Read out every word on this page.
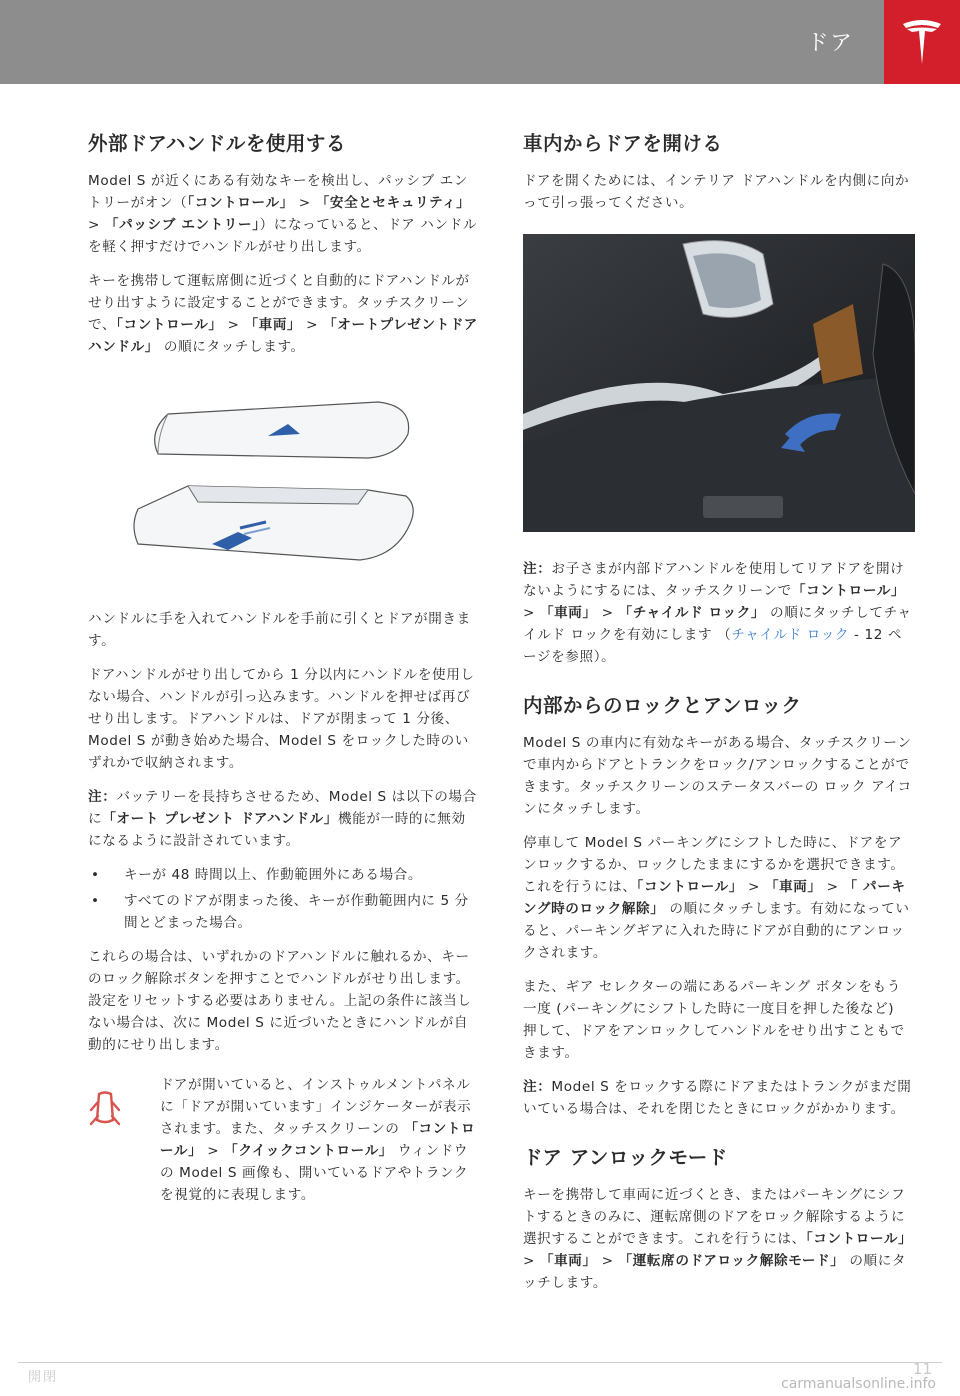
ドア
外部ドアハンドルを使用する

Model S が近くにある有効なキーを検出し、パッシブ エントリーがオン（「コントロール」 > 「安全とセキュリティ」 > 「パッシブ エントリー」）になっていると、ドア ハンドルを軽く押すだけでハンドルがせり出します。

キーを携帯して運転席側に近づくと自動的にドアハンドルがせり出すように設定することができます。タッチスクリーンで、「コントロール」 > 「車両」 > 「オートプレゼントドアハンドル」 の順にタッチします。

ハンドルに手を入れてハンドルを手前に引くとドアが開きます。

ドアハンドルがせり出してから 1 分以内にハンドルを使用しない場合、ハンドルが引っ込みます。ハンドルを押せば再びせり出します。ドアハンドルは、ドアが閉まって 1 分後、 Model S が動き始めた場合、Model S をロックした時のいずれかで収納されます。

注：バッテリーを長持ちさせるため、Model S は以下の場合に「オート プレゼント ドアハンドル」機能が一時的に無効になるように設計されています。

• キーが 48 時間以上、作動範囲外にある場合。
• すべてのドアが閉まった後、キーが作動範囲内に 5 分間とどまった場合。

これらの場合は、いずれかのドアハンドルに触れるか、キーのロック解除ボタンを押すことでハンドルがせり出します。設定をリセットする必要はありません。上記の条件に該当しない場合は、次に Model S に近づいたときにハンドルが自動的にせり出します。

ドアが開いていると、インストゥルメントパネルに「ドアが開いています」インジケーターが表示されます。また、タッチスクリーンの 「コントロール」 > 「クイックコントロール」 ウィンドウの Model S 画像も、開いているドアやトランクを視覚的に表現します。

車内からドアを開ける

ドアを開くためには、インテリア ドアハンドルを内側に向かって引っ張ってください。

注：お子さまが内部ドアハンドルを使用してリアドアを開けないようにするには、タッチスクリーンで「コントロール」 > 「車両」 > 「チャイルド ロック」 の順にタッチしてチャイルド ロックを有効にします （チャイルド ロック - 12 ページを参照）。

内部からのロックとアンロック

Model S の車内に有効なキーがある場合、タッチスクリーンで車内からドアとトランクをロック/アンロックすることができます。タッチスクリーンのステータスバーの ロック アイコンにタッチします。

停車して Model S パーキングにシフトした時に、ドアをアンロックするか、ロックしたままにするかを選択できます。これを行うには、「コントロール」 > 「車両」 > 「 パーキング時のロック解除」 の順にタッチします。有効になっていると、パーキングギアに入れた時にドアが自動的にアンロックされます。

また、ギア セレクターの端にあるパーキング ボタンをもう一度 (パーキングにシフトした時に一度目を押した後など) 押して、ドアをアンロックしてハンドルをせり出すこともできます。

注：Model S をロックする際にドアまたはトランクがまだ開いている場合は、それを閉じたときにロックがかかります。

ドア アンロックモード

キーを携帯して車両に近づくとき、またはパーキングにシフトするときのみに、運転席側のドアをロック解除するように選択することができます。これを行うには、「コントロール」 > 「車両」 > 「運転席のドアロック解除モード」 の順にタッチします。

開閉	11
carmanualsonline.info
